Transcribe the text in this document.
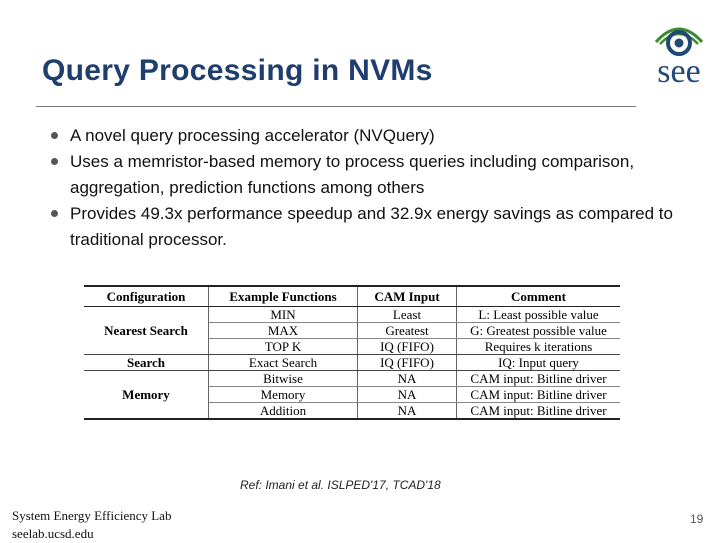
Query Processing in NVMs	see
A novel query processing accelerator (NVQuery)
Uses a memristor-based memory to process queries including comparison, aggregation, prediction functions among others
Provides 49.3x performance speedup and 32.9x energy savings as compared to traditional processor.
Configuration	Example Functions	CAM Input	Comment
Nearest Search	MIN	Least	L: Least possible value
	MAX	Greatest	G: Greatest possible value
	TOP K	IQ (FIFO)	Requires k iterations
Search	Exact Search	IQ (FIFO)	IQ: Input query
Memory	Bitwise	NA	CAM input: Bitline driver
	Memory	NA	CAM input: Bitline driver
	Addition	NA	CAM input: Bitline driver
Ref: Imani et al. ISLPED'17, TCAD'18
System Energy Efficiency Lab
seelab.ucsd.edu
19
